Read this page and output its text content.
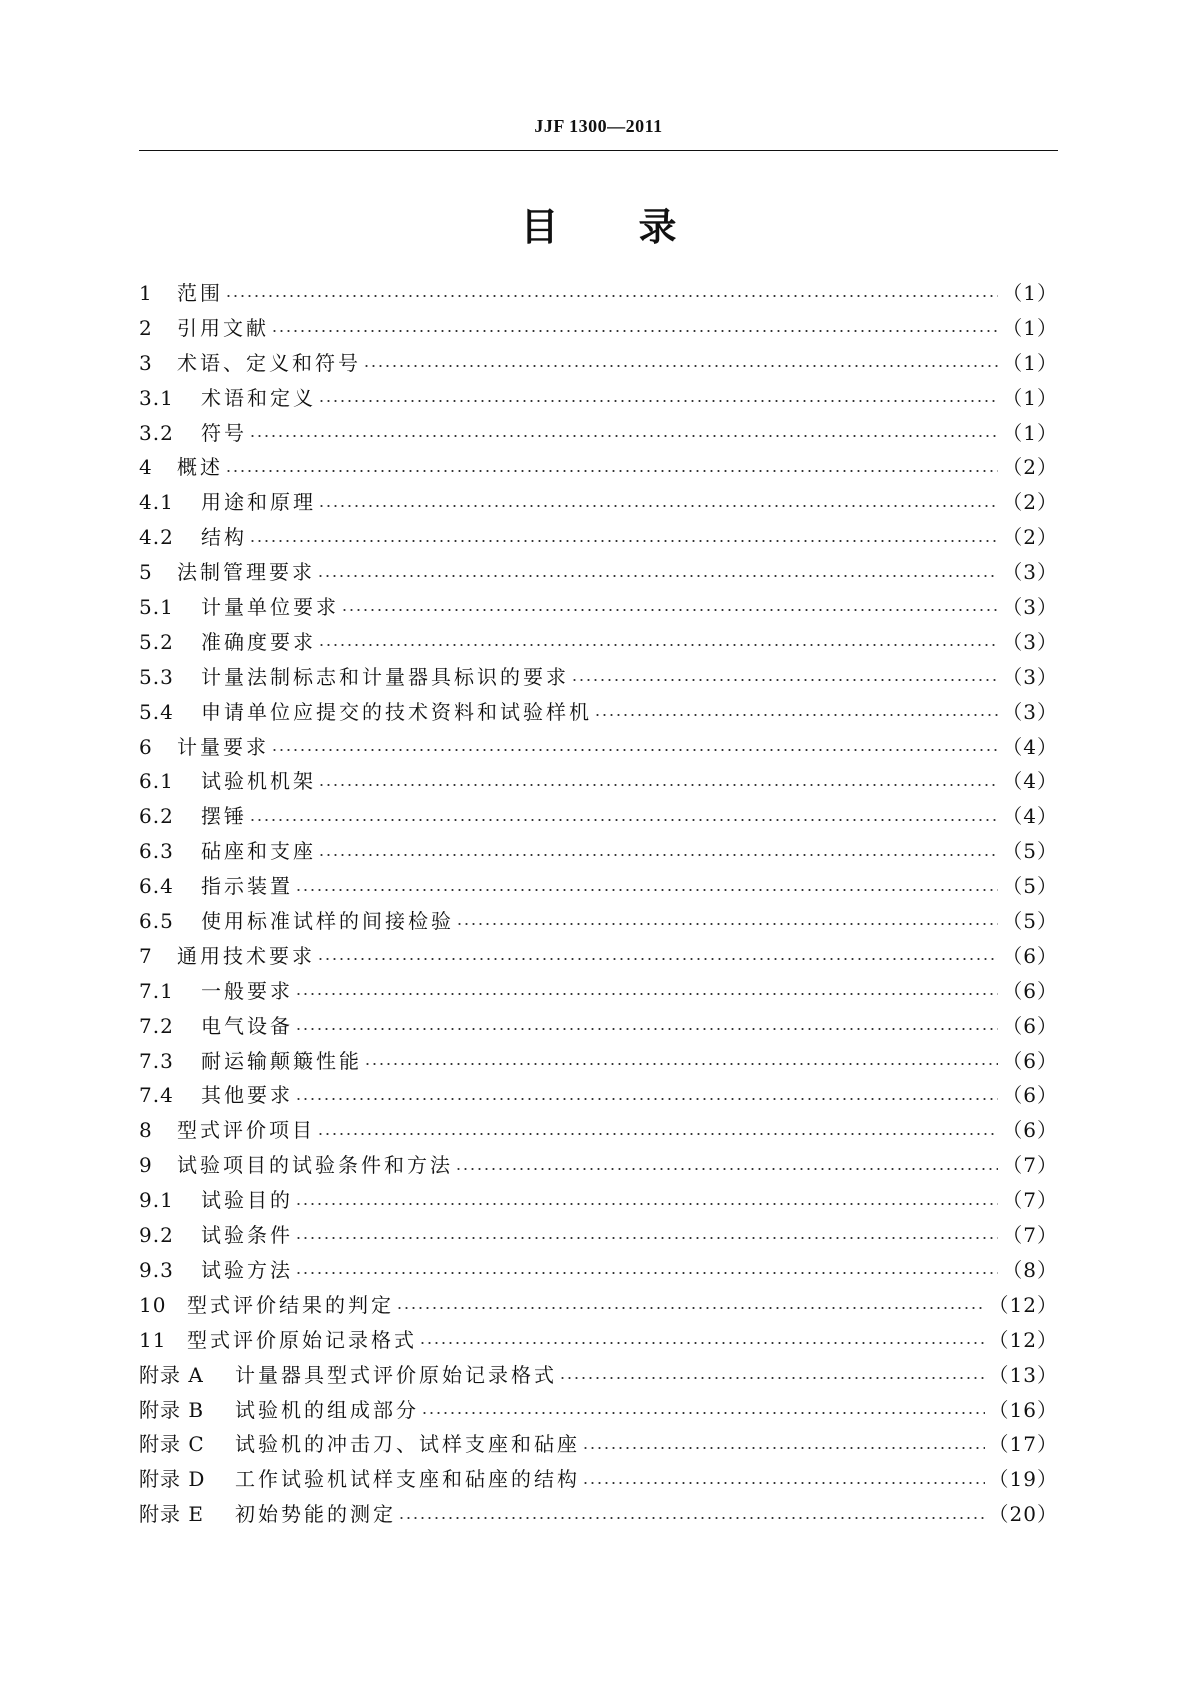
JJF 1300—2011
目 录
1	范围	（1）
2	引用文献	（1）
3	术语、定义和符号	（1）
3.1	术语和定义	（1）
3.2	符号	（1）
4	概述	（2）
4.1	用途和原理	（2）
4.2	结构	（2）
5	法制管理要求	（3）
5.1	计量单位要求	（3）
5.2	准确度要求	（3）
5.3	计量法制标志和计量器具标识的要求	（3）
5.4	申请单位应提交的技术资料和试验样机	（3）
6	计量要求	（4）
6.1	试验机机架	（4）
6.2	摆锤	（4）
6.3	砧座和支座	（5）
6.4	指示装置	（5）
6.5	使用标准试样的间接检验	（5）
7	通用技术要求	（6）
7.1	一般要求	（6）
7.2	电气设备	（6）
7.3	耐运输颠簸性能	（6）
7.4	其他要求	（6）
8	型式评价项目	（6）
9	试验项目的试验条件和方法	（7）
9.1	试验目的	（7）
9.2	试验条件	（7）
9.3	试验方法	（8）
10	型式评价结果的判定	（12）
11	型式评价原始记录格式	（12）
附录 A	计量器具型式评价原始记录格式	（13）
附录 B	试验机的组成部分	（16）
附录 C	试验机的冲击刀、试样支座和砧座	（17）
附录 D	工作试验机试样支座和砧座的结构	（19）
附录 E	初始势能的测定	（20）
